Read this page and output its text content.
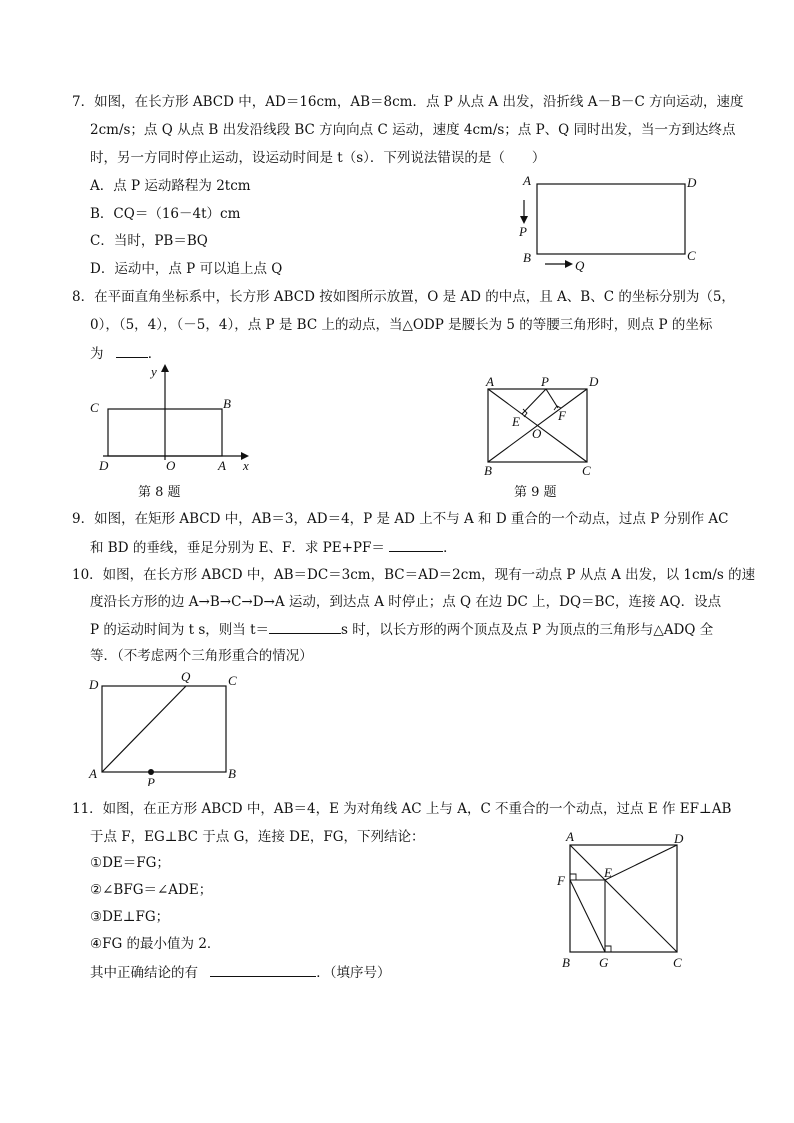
7．如图，在长方形 ABCD 中，AD＝16cm，AB＝8cm．点 P 从点 A 出发，沿折线 A－B－C 方向运动，速度
2cm/s；点 Q 从点 B 出发沿线段 BC 方向向点 C 运动，速度 4cm/s；点 P、Q 同时出发，当一方到达终点
时，另一方同时停止运动，设运动时间是 t（s）．下列说法错误的是（　　）
A．点 P 运动路程为 2tcm
B．CQ＝（16－4t）cm
C．当时，PB＝BQ
D．运动中，点 P 可以追上点 Q
A	D
P
B	C
Q
8．在平面直角坐标系中，长方形 ABCD 按如图所示放置，O 是 AD 的中点，且 A、B、C 的坐标分别为（5，
0），（5，4），（－5，4），点 P 是 BC 上的动点，当△ODP 是腰长为 5 的等腰三角形时，则点 P 的坐标
为	．
y
C	B
D	O	A x
第 8 题
A	P	D
E	F
O
B	C
第 9 题
9．如图，在矩形 ABCD 中，AB＝3，AD＝4，P 是 AD 上不与 A 和 D 重合的一个动点，过点 P 分别作 AC
和 BD 的垂线，垂足分别为 E、F．求 PE+PF＝	．
10．如图，在长方形 ABCD 中，AB＝DC＝3cm，BC＝AD＝2cm，现有一动点 P 从点 A 出发，以 1cm/s 的速
度沿长方形的边 A→B→C→D→A 运动，到达点 A 时停止；点 Q 在边 DC 上，DQ＝BC，连接 AQ．设点
P 的运动时间为 t s，则当 t＝	s 时，以长方形的两个顶点及点 P 为顶点的三角形与△ADQ 全
等．（不考虑两个三角形重合的情况）
D
Q	C
A
P
B
11．如图，在正方形 ABCD 中，AB＝4，E 为对角线 AC 上与 A，C 不重合的一个动点，过点 E 作 EF⊥AB
于点 F，EG⊥BC 于点 G，连接 DE，FG，下列结论：
①DE＝FG；
②∠BFG＝∠ADE；
③DE⊥FG；
④FG 的最小值为 2．
其中正确结论的有	．（填序号）
A	D
E
F
B G	C
